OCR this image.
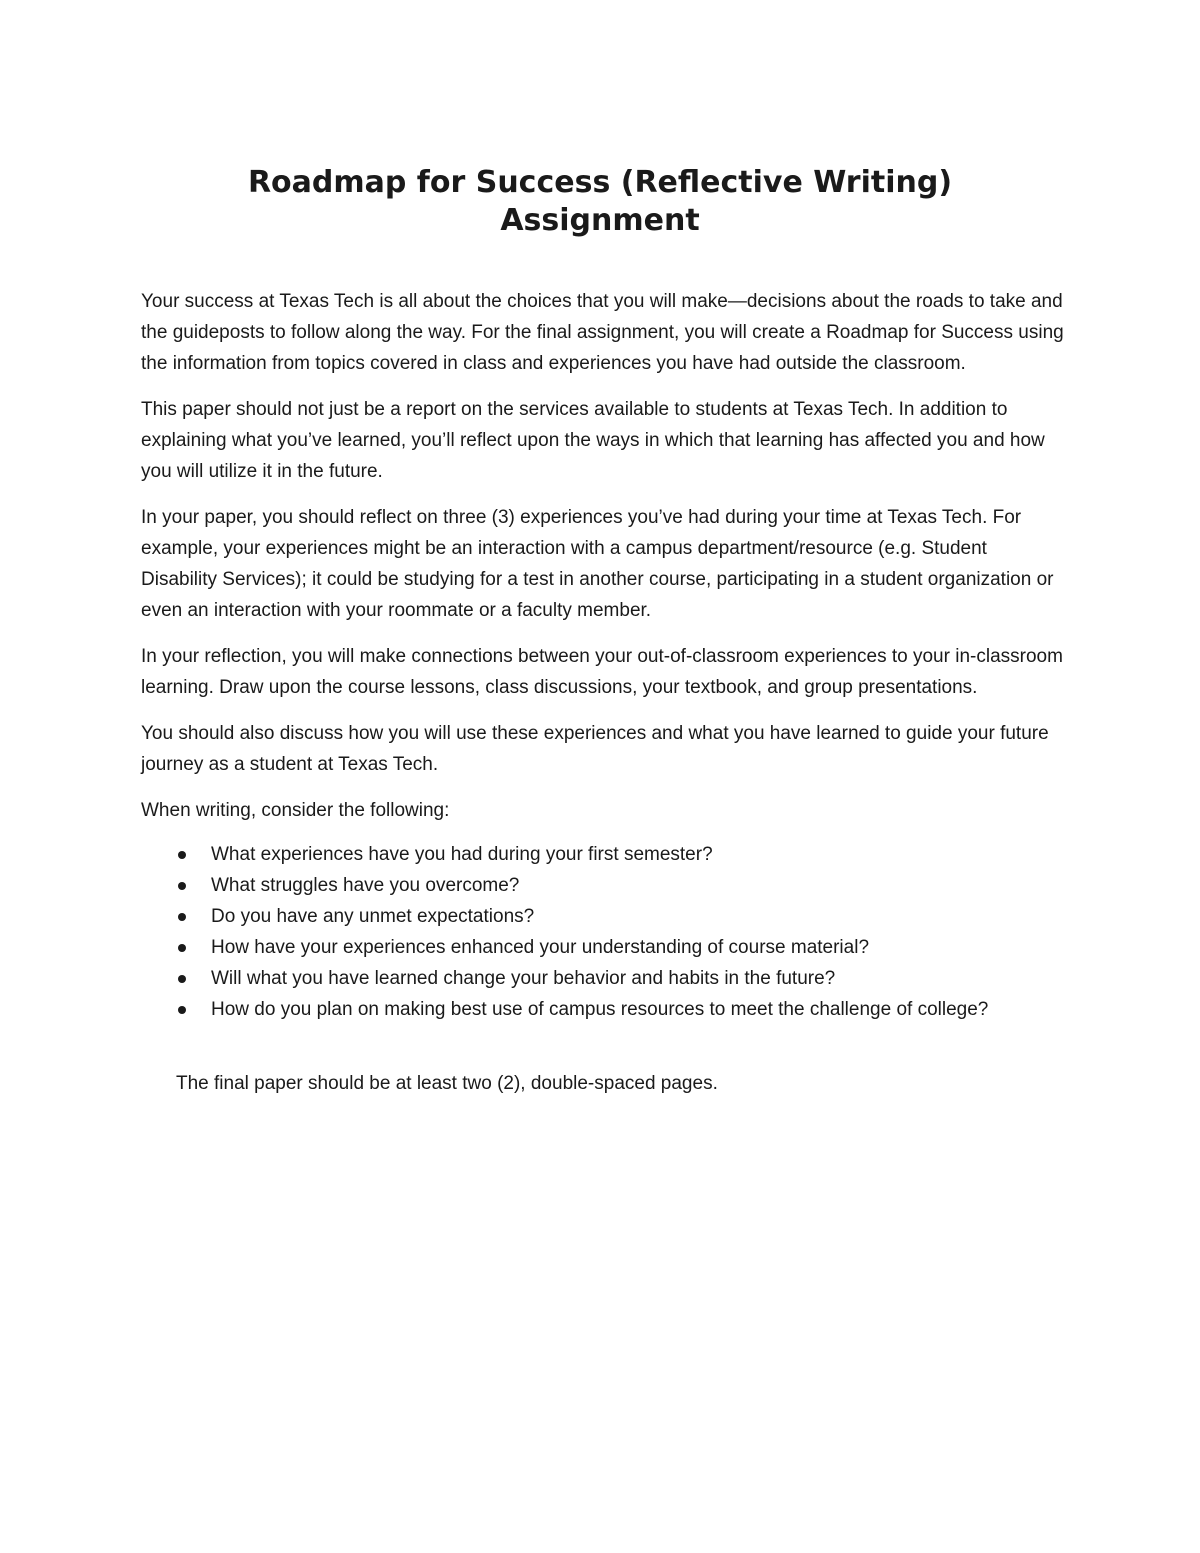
Roadmap for Success (Reflective Writing)
Assignment

Your success at Texas Tech is all about the choices that you will make—decisions about the roads to take and the guideposts to follow along the way. For the final assignment, you will create a Roadmap for Success using the information from topics covered in class and experiences you have had outside the classroom.

This paper should not just be a report on the services available to students at Texas Tech. In addition to explaining what you’ve learned, you’ll reflect upon the ways in which that learning has affected you and how you will utilize it in the future.

In your paper, you should reflect on three (3) experiences you’ve had during your time at Texas Tech. For example, your experiences might be an interaction with a campus department/resource (e.g. Student Disability Services); it could be studying for a test in another course, participating in a student organization or even an interaction with your roommate or a faculty member.

In your reflection, you will make connections between your out-of-classroom experiences to your in-classroom learning. Draw upon the course lessons, class discussions, your textbook, and group presentations.

You should also discuss how you will use these experiences and what you have learned to guide your future journey as a student at Texas Tech.

When writing, consider the following:

What experiences have you had during your first semester?
What struggles have you overcome?
Do you have any unmet expectations?
How have your experiences enhanced your understanding of course material?
Will what you have learned change your behavior and habits in the future?
How do you plan on making best use of campus resources to meet the challenge of college?

The final paper should be at least two (2), double-spaced pages.
